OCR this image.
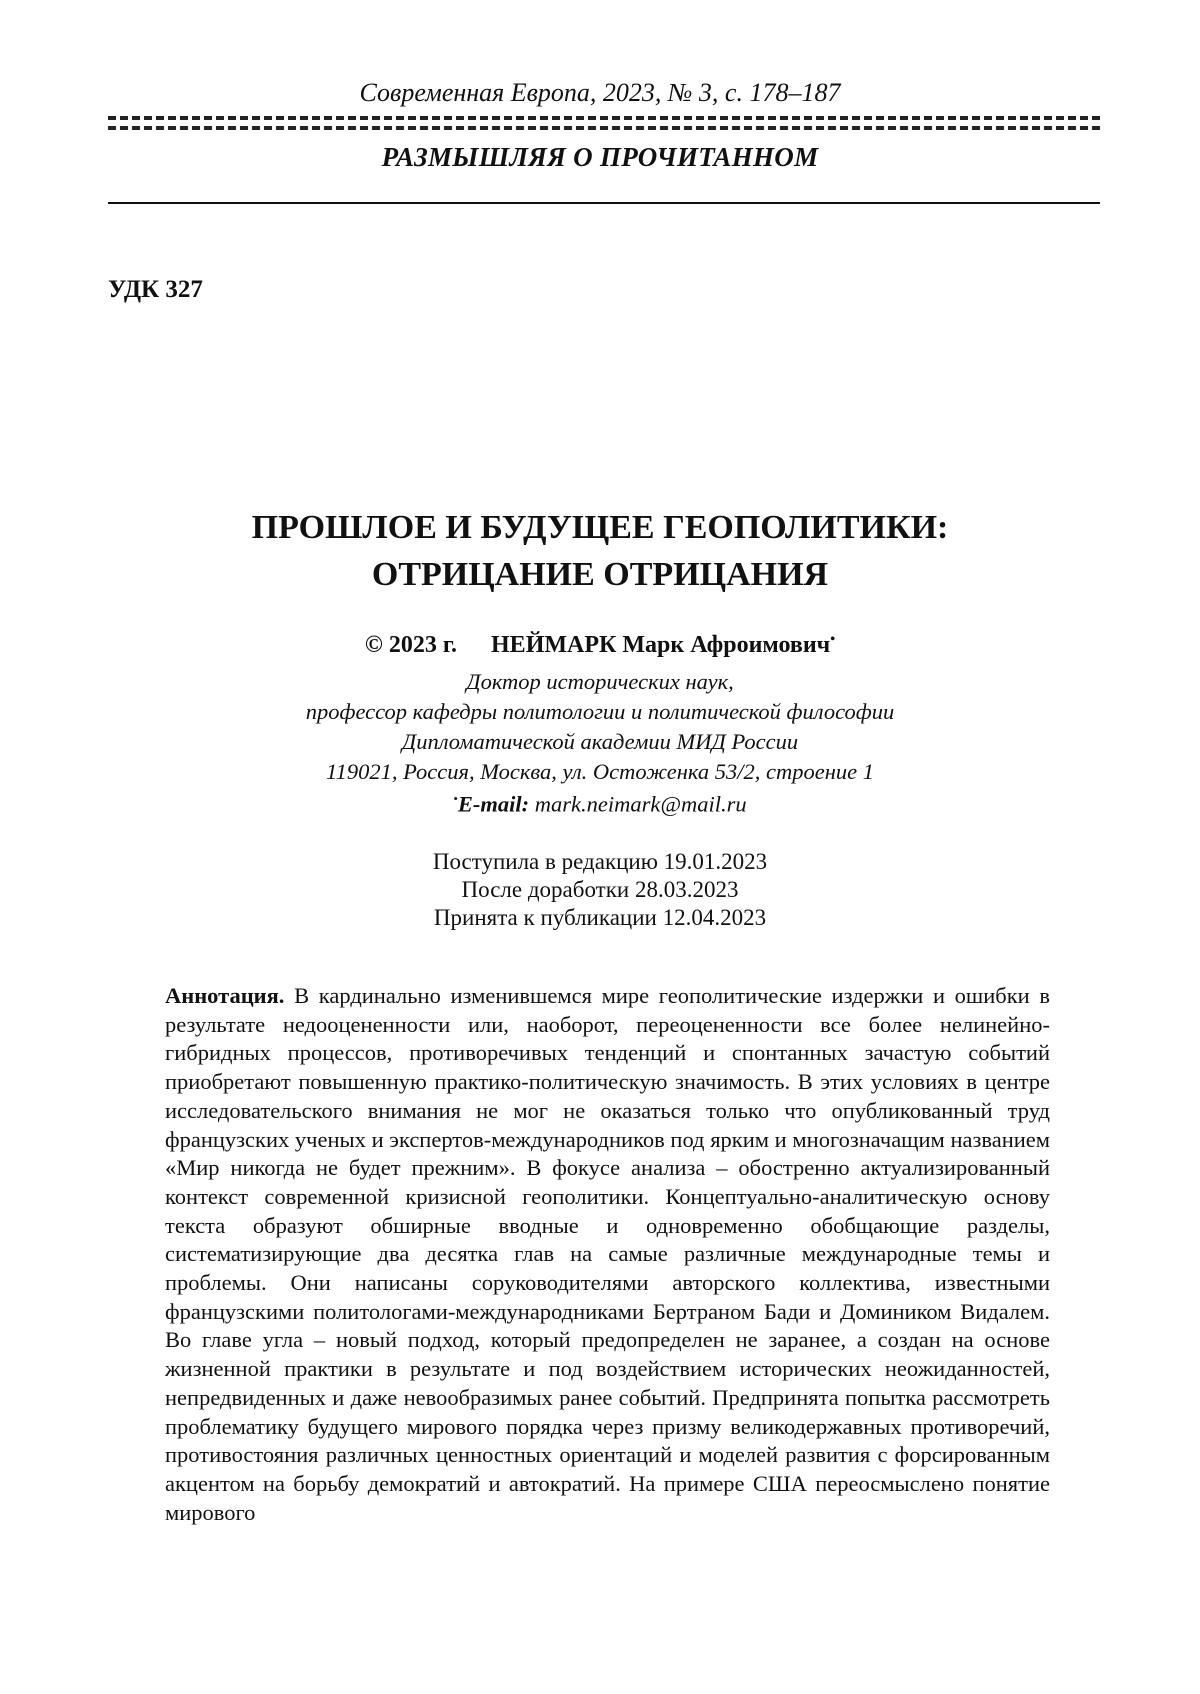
Современная Европа, 2023, № 3, с. 178–187
РАЗМЫШЛЯЯ О ПРОЧИТАННОМ
УДК 327
ПРОШЛОЕ И БУДУЩЕЕ ГЕОПОЛИТИКИ:
ОТРИЦАНИЕ ОТРИЦАНИЯ
© 2023 г. НЕЙМАРК Марк Афроимович•
Доктор исторических наук,
профессор кафедры политологии и политической философии
Дипломатической академии МИД России
119021, Россия, Москва, ул. Остоженка 53/2, строение 1
•E-mail: mark.neimark@mail.ru
Поступила в редакцию 19.01.2023
После доработки 28.03.2023
Принята к публикации 12.04.2023

Аннотация. В кардинально изменившемся мире геополитические издержки и ошибки в результате недооцененности или, наоборот, переоцененности все более нелинейно-гибридных процессов, противоречивых тенденций и спонтанных зачастую событий приобретают повышенную практико-политическую значимость. В этих условиях в центре исследовательского внимания не мог не оказаться только что опубликованный труд французских ученых и экспертов-международников под ярким и многозначащим названием «Мир никогда не будет прежним». В фокусе анализа – обостренно актуализированный контекст современной кризисной геополитики. Концептуально-аналитическую основу текста образуют обширные вводные и одновременно обобщающие разделы, систематизирующие два десятка глав на самые различные международные темы и проблемы. Они написаны соруководителями авторского коллектива, известными французскими политологами-международниками Бертраном Бади и Домиником Видалем. Во главе угла – новый подход, который предопределен не заранее, а создан на основе жизненной практики в результате и под воздействием исторических неожиданностей, непредвиденных и даже невообразимых ранее событий. Предпринята попытка рассмотреть проблематику будущего мирового порядка через призму великодержавных противоречий, противостояния различных ценностных ориентаций и моделей развития с форсированным акцентом на борьбу демократий и автократий. На примере США переосмыслено понятие мирового
